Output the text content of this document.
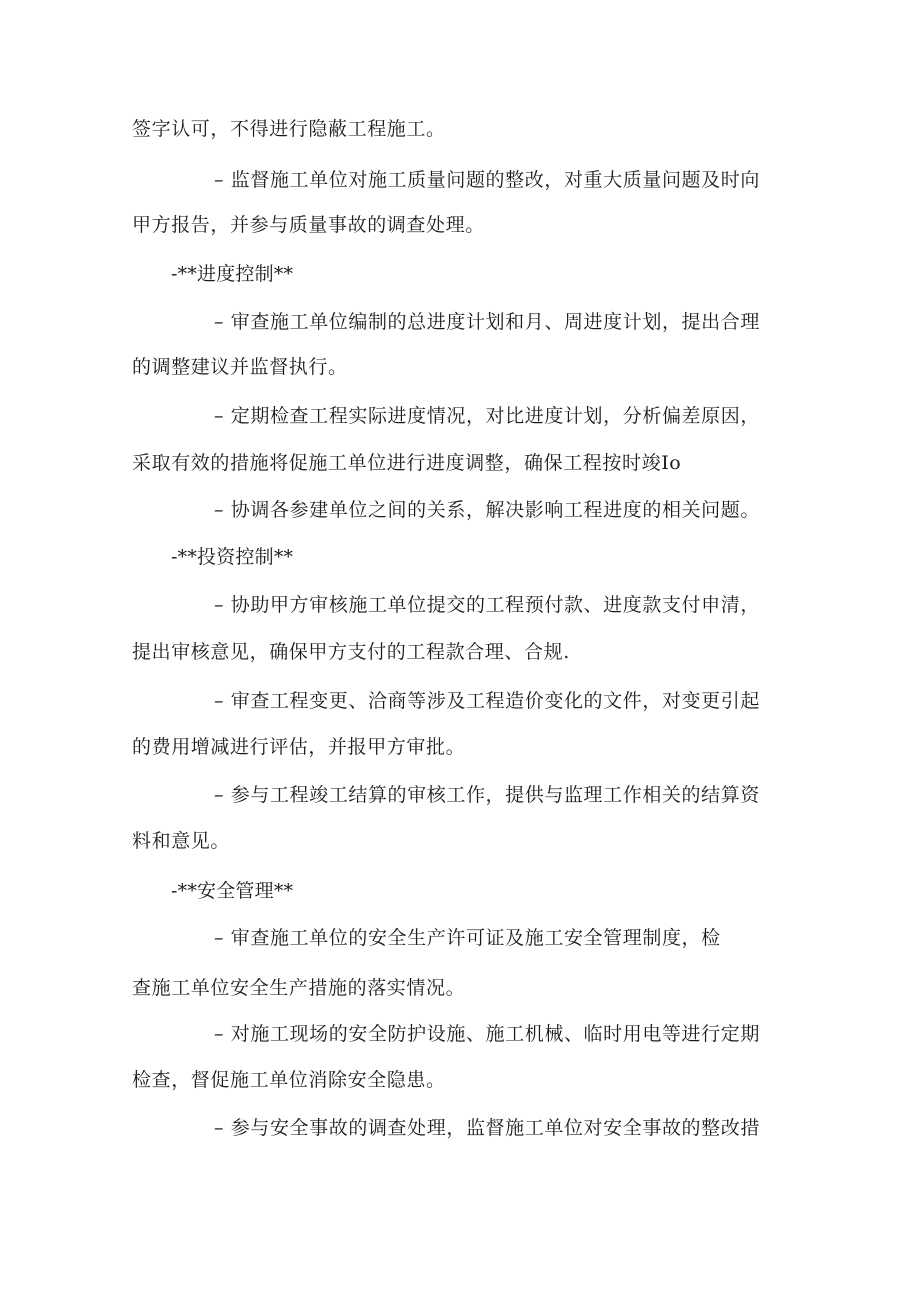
签字认可，不得进行隐蔽工程施工。
– 监督施工单位对施工质量问题的整改，对重大质量问题及时向
甲方报告，并参与质量事故的调查处理。
-**进度控制**
– 审查施工单位编制的总进度计划和月、周进度计划，提出合理
的调整建议并监督执行。
– 定期检查工程实际进度情况，对比进度计划，分析偏差原因，
采取有效的措施将促施工单位进行进度调整，确保工程按时竣Io
– 协调各参建单位之间的关系，解决影响工程进度的相关问题。
-**投资控制**
– 协助甲方审核施工单位提交的工程预付款、进度款支付申清，
提出审核意见，确保甲方支付的工程款合理、合规.
– 审查工程变更、洽商等涉及工程造价变化的文件，对变更引起
的费用增减进行评估，并报甲方审批。
– 参与工程竣工结算的审核工作，提供与监理工作相关的结算资
料和意见。
-**安全管理**
– 审查施工单位的安全生产许可证及施工安全管理制度，检
查施工单位安全生产措施的落实情况。
– 对施工现场的安全防护设施、施工机械、临时用电等进行定期
检查，督促施工单位消除安全隐患。
– 参与安全事故的调查处理，监督施工单位对安全事故的整改措
